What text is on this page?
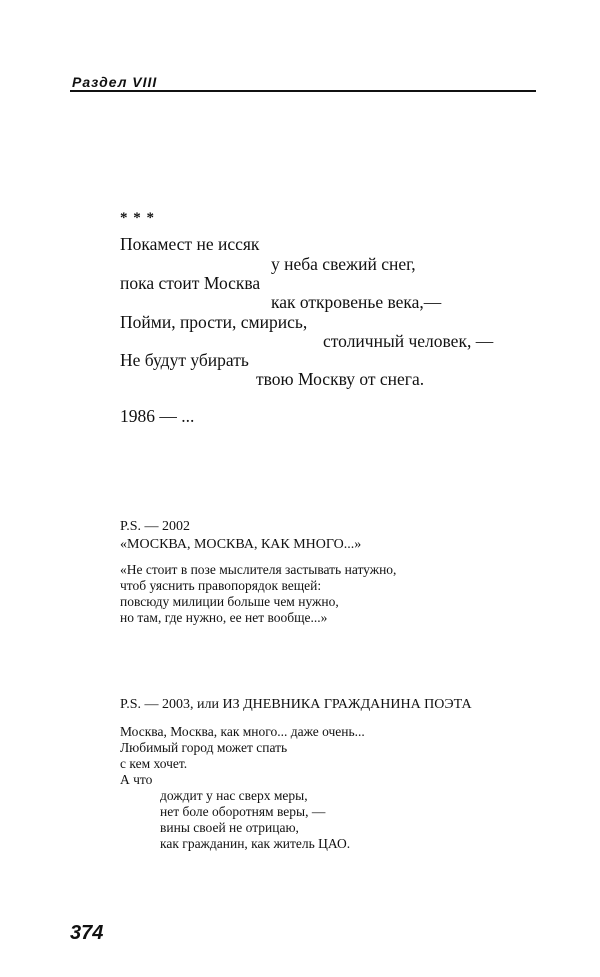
Раздел VIII
* * *
Покамест не иссяк
у неба свежий снег,
пока стоит Москва
как откровенье века,—
Пойми, прости, смирись,
столичный человек, —
Не будут убирать
твою Москву от снега.
1986 — ...
P.S. — 2002
«МОСКВА, МОСКВА, КАК МНОГО...»
«Не стоит в позе мыслителя застывать натужно,
чтоб уяснить правопорядок вещей:
повсюду милиции больше чем нужно,
но там, где нужно, ее нет вообще...»
P.S. — 2003, или ИЗ ДНЕВНИКА ГРАЖДАНИНА ПОЭТА
Москва, Москва, как много... даже очень...
Любимый город может спать
с кем хочет.
А что
дождит у нас сверх меры,
нет боле оборотням веры, —
вины своей не отрицаю,
как гражданин, как житель ЦАО.
374
